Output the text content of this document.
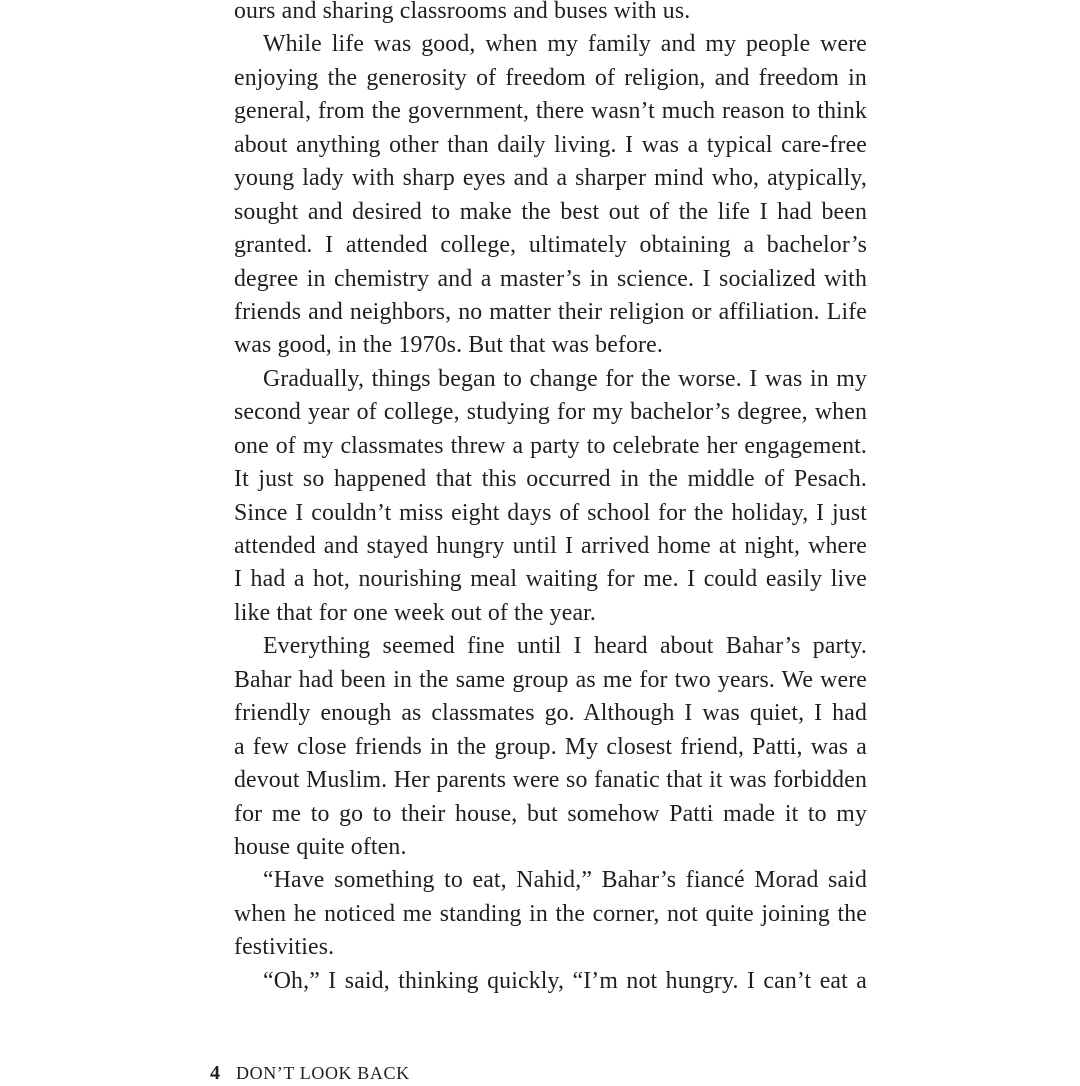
ours and sharing classrooms and buses with us.
While life was good, when my family and my people were
enjoying the generosity of freedom of religion, and freedom in
general, from the government, there wasn’t much reason to think
about anything other than daily living. I was a typical care-free
young lady with sharp eyes and a sharper mind who, atypically,
sought and desired to make the best out of the life I had been
granted. I attended college, ultimately obtaining a bachelor’s
degree in chemistry and a master’s in science. I socialized with
friends and neighbors, no matter their religion or affiliation. Life
was good, in the 1970s. But that was before.
Gradually, things began to change for the worse. I was in my
second year of college, studying for my bachelor’s degree, when
one of my classmates threw a party to celebrate her engagement.
It just so happened that this occurred in the middle of Pesach.
Since I couldn’t miss eight days of school for the holiday, I just
attended and stayed hungry until I arrived home at night, where
I had a hot, nourishing meal waiting for me. I could easily live
like that for one week out of the year.
Everything seemed fine until I heard about Bahar’s party.
Bahar had been in the same group as me for two years. We were
friendly enough as classmates go. Although I was quiet, I had
a few close friends in the group. My closest friend, Patti, was a
devout Muslim. Her parents were so fanatic that it was forbidden
for me to go to their house, but somehow Patti made it to my
house quite often.
“Have something to eat, Nahid,” Bahar’s fiancé Morad said
when he noticed me standing in the corner, not quite joining the
festivities.
“Oh,” I said, thinking quickly, “I’m not hungry. I can’t eat a
4 DON’T LOOK BACK
